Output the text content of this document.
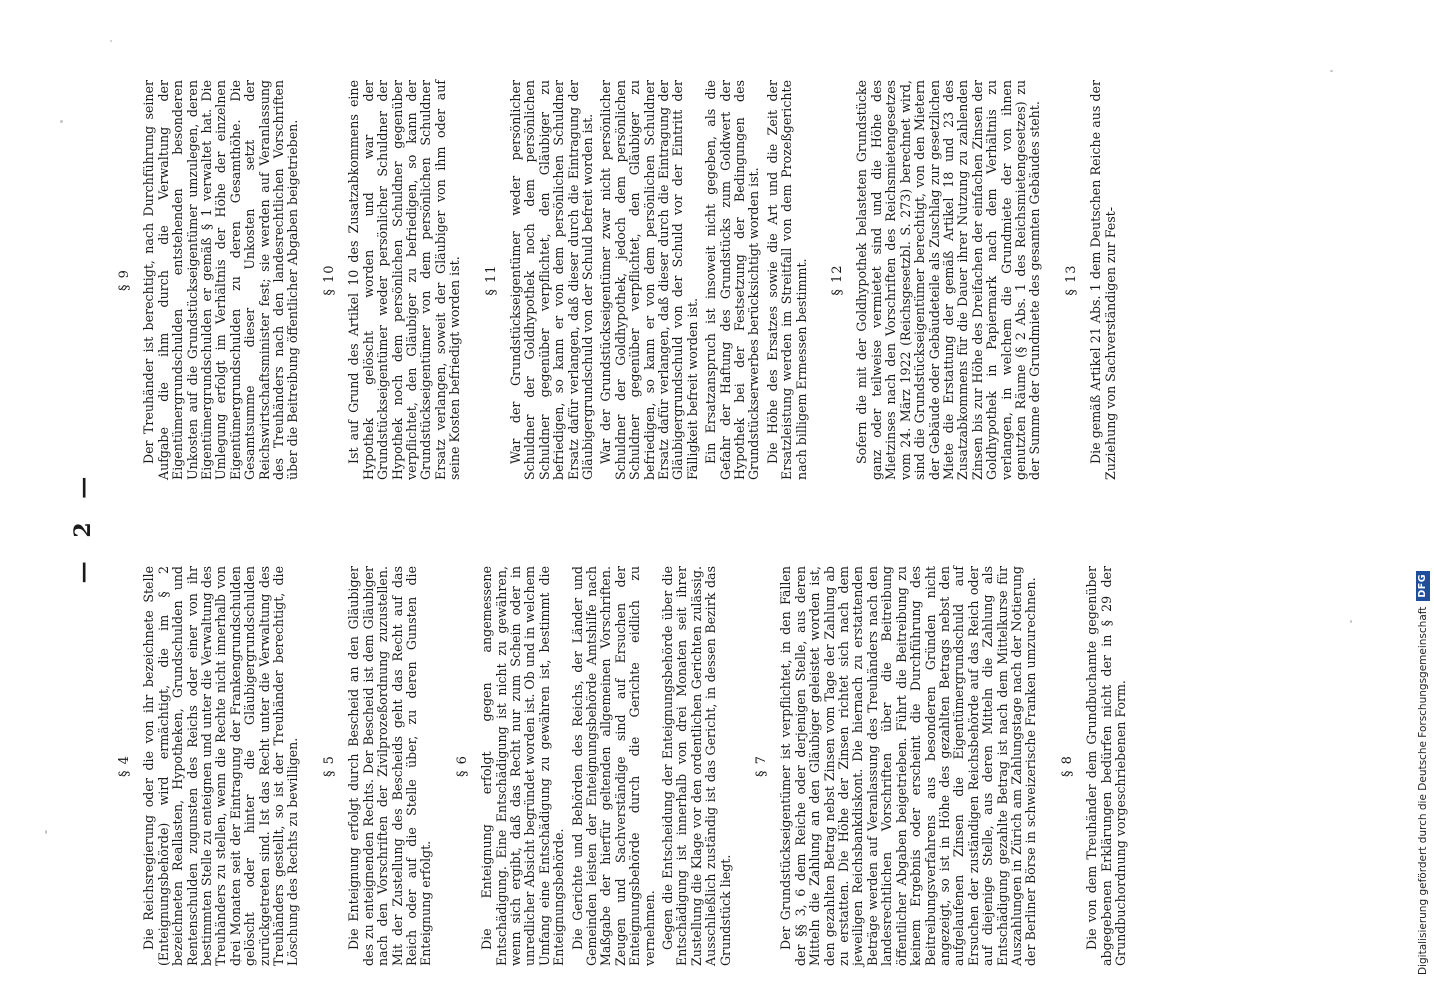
— 2 —
§ 4 Die Reichsregierung oder die von ihr bezeichnete Stelle (Enteignungsbehörde) wird ermächtigt, die im § 2 bezeichneten Reallasten, Hypotheken, Grundschulden und Rentenschulden zugunsten des Reichs oder einer von ihr bestimmten Stelle zu enteignen und unter die Verwaltung des Treuhänders zu stellen, wenn die Rechte nicht innerhalb von drei Monaten seit der Eintragung der Frankengrundschulden gelöscht oder hinter die Gläubigergrundschulden zurückgetreten sind. Ist das Recht unter die Verwaltung des Treuhänders gestellt, so ist der Treuhänder berechtigt, die Löschung des Rechts zu bewilligen. § 5 Die Enteignung erfolgt durch Bescheid an den Gläubiger des zu enteignenden Rechts. Der Bescheid ist dem Gläubiger nach den Vorschriften der Zivilprozeßordnung zuzustellen. Mit der Zustellung des Bescheids geht das Recht auf das Reich oder auf die Stelle über, zu deren Gunsten die Enteignung erfolgt.

§ 6 Die Enteignung erfolgt gegen angemessene Entschädigung. Eine Entschädigung ist nicht zu gewähren, wenn sich ergibt, daß das Recht nur zum Schein oder in unredlicher Absicht begründet worden ist. Ob und in welchem Umfang eine Entschädigung zu gewähren ist, bestimmt die Enteignungsbehörde. Die Gerichte und Behörden des Reichs, der Länder und Gemeinden leisten der Enteignungsbehörde Amtshilfe nach Maßgabe der hierfür geltenden allgemeinen Vorschriften. Zeugen und Sachverständige sind auf Ersuchen der Enteignungsbehörde durch die Gerichte eidlich zu vernehmen. Gegen die Entscheidung der Enteignungsbehörde über die Entschädigung ist innerhalb von drei Monaten seit ihrer Zustellung die Klage vor den ordentlichen Gerichten zulässig. Ausschließlich zuständig ist das Gericht, in dessen Bezirk das Grundstück liegt.

§ 7 Der Grundstückseigentümer ist verpflichtet, in den Fällen der §§ 3, 6 dem Reiche oder derjenigen Stelle, aus deren Mitteln die Zahlung an den Gläubiger geleistet worden ist, den gezahlten Betrag nebst Zinsen vom Tage der Zahlung ab zu erstatten. Die Höhe der Zinsen richtet sich nach dem jeweiligen Reichsbankdiskont. Die hiernach zu erstattenden Beträge werden auf Veranlassung des Treuhänders nach den landesrechtlichen Vorschriften über die Beitreibung öffentlicher Abgaben beigetrieben. Führt die Beitreibung zu keinem Ergebnis oder erscheint die Durchführung des Beitreibungsverfahrens aus besonderen Gründen nicht angezeigt, so ist in Höhe des gezahlten Betrags nebst den aufgelaufenen Zinsen die Eigentümergrundschuld auf Ersuchen der zuständigen Reichsbehörde auf das Reich oder auf diejenige Stelle, aus deren Mitteln die Zahlung als Entschädigung gezahlte Betrag ist nach dem Mittelkurse für Auszahlungen in Zürich am Zahlungstage nach der Notierung der Berliner Börse in schweizerische Franken umzurechnen. § 8 Die von dem Treuhänder dem Grundbuchamte gegenüber abgegebenen Erklärungen bedürfen nicht der in § 29 der Grundbuchordnung vorgeschriebenen Form.

§ 9 Der Treuhänder ist berechtigt, nach Durchführung seiner Aufgabe die ihm durch die Verwaltung der Eigentümergrundschulden entstehenden besonderen Unkosten auf die Grundstückseigentümer umzulegen, deren Eigentümergrundschulden er gemäß § 1 verwaltet hat. Die Umlegung erfolgt im Verhältnis der Höhe der einzelnen Eigentümergrundschulden zu deren Gesamthöhe. Die Gesamtsumme dieser Unkosten setzt der Reichswirtschaftsminister fest; sie werden auf Veranlassung des Treuhänders nach den landesrechtlichen Vorschriften über die Beitreibung öffentlicher Abgaben beigetrieben. § 10 Ist auf Grund des Artikel 10 des Zusatzabkommens eine Hypothek gelöscht worden und war der Grundstückseigentümer weder persönlicher Schuldner der Hypothek noch dem persönlichen Schuldner gegenüber verpflichtet, den Gläubiger zu befriedigen, so kann der Grundstückseigentümer von dem persönlichen Schuldner Ersatz verlangen, soweit der Gläubiger von ihm oder auf seine Kosten befriedigt worden ist. § 11 War der Grundstückseigentümer weder persönlicher Schuldner der Goldhypothek noch dem persönlichen Schuldner gegenüber verpflichtet, den Gläubiger zu befriedigen, so kann er von dem persönlichen Schuldner Ersatz dafür verlangen, daß dieser durch die Eintragung der Gläubigergrundschuld von der Schuld befreit worden ist. War der Grundstückseigentümer zwar nicht persönlicher Schuldner der Goldhypothek, jedoch dem persönlichen Schuldner gegenüber verpflichtet, den Gläubiger zu befriedigen, so kann er von dem persönlichen Schuldner Ersatz dafür verlangen, daß dieser durch die Eintragung der Gläubigergrundschuld von der Schuld vor der Eintritt der Fälligkeit befreit worden ist. Ein Ersatzanspruch ist insoweit nicht gegeben, als die Gefahr der Haftung des Grundstücks zum Goldwert der Hypothek bei der Festsetzung der Bedingungen des Grundstückserwerbes berücksichtigt worden ist. Die Höhe des Ersatzes sowie die Art und die Zeit der Ersatzleistung werden im Streitfall von dem Prozeßgerichte nach billigem Ermessen bestimmt. § 12 Sofern die mit der Goldhypothek belasteten Grundstücke ganz oder teilweise vermietet sind und die Höhe des Mietzinses nach den Vorschriften des Reichsmietengesetzes vom 24. März 1922 (Reichsgesetzbl. S. 273) berechnet wird, sind die Grundstückseigentümer berechtigt, von den Mietern der Gebäude oder Gebäudeteile als Zuschlag zur gesetzlichen Miete die Erstattung der gemäß Artikel 18 und 23 des Zusatzabkommens für die Dauer ihrer Nutzung zu zahlenden Zinsen bis zur Höhe des Dreifachen der einfachen Zinsen der Goldhypothek in Papiermark nach dem Verhältnis zu verlangen, in welchem die Grundmiete der von ihnen genutzten Räume (§ 2 Abs. 1 des Reichsmietengesetzes) zu der Summe der Grundmiete des gesamten Gebäudes steht. § 13 Die gemäß Artikel 21 Abs. 1 dem Deutschen Reiche aus der Zuziehung von Sachverständigen zur Fest-

Digitalisierung gefördert durch die Deutsche Forschungsgemeinschaft
DFG
